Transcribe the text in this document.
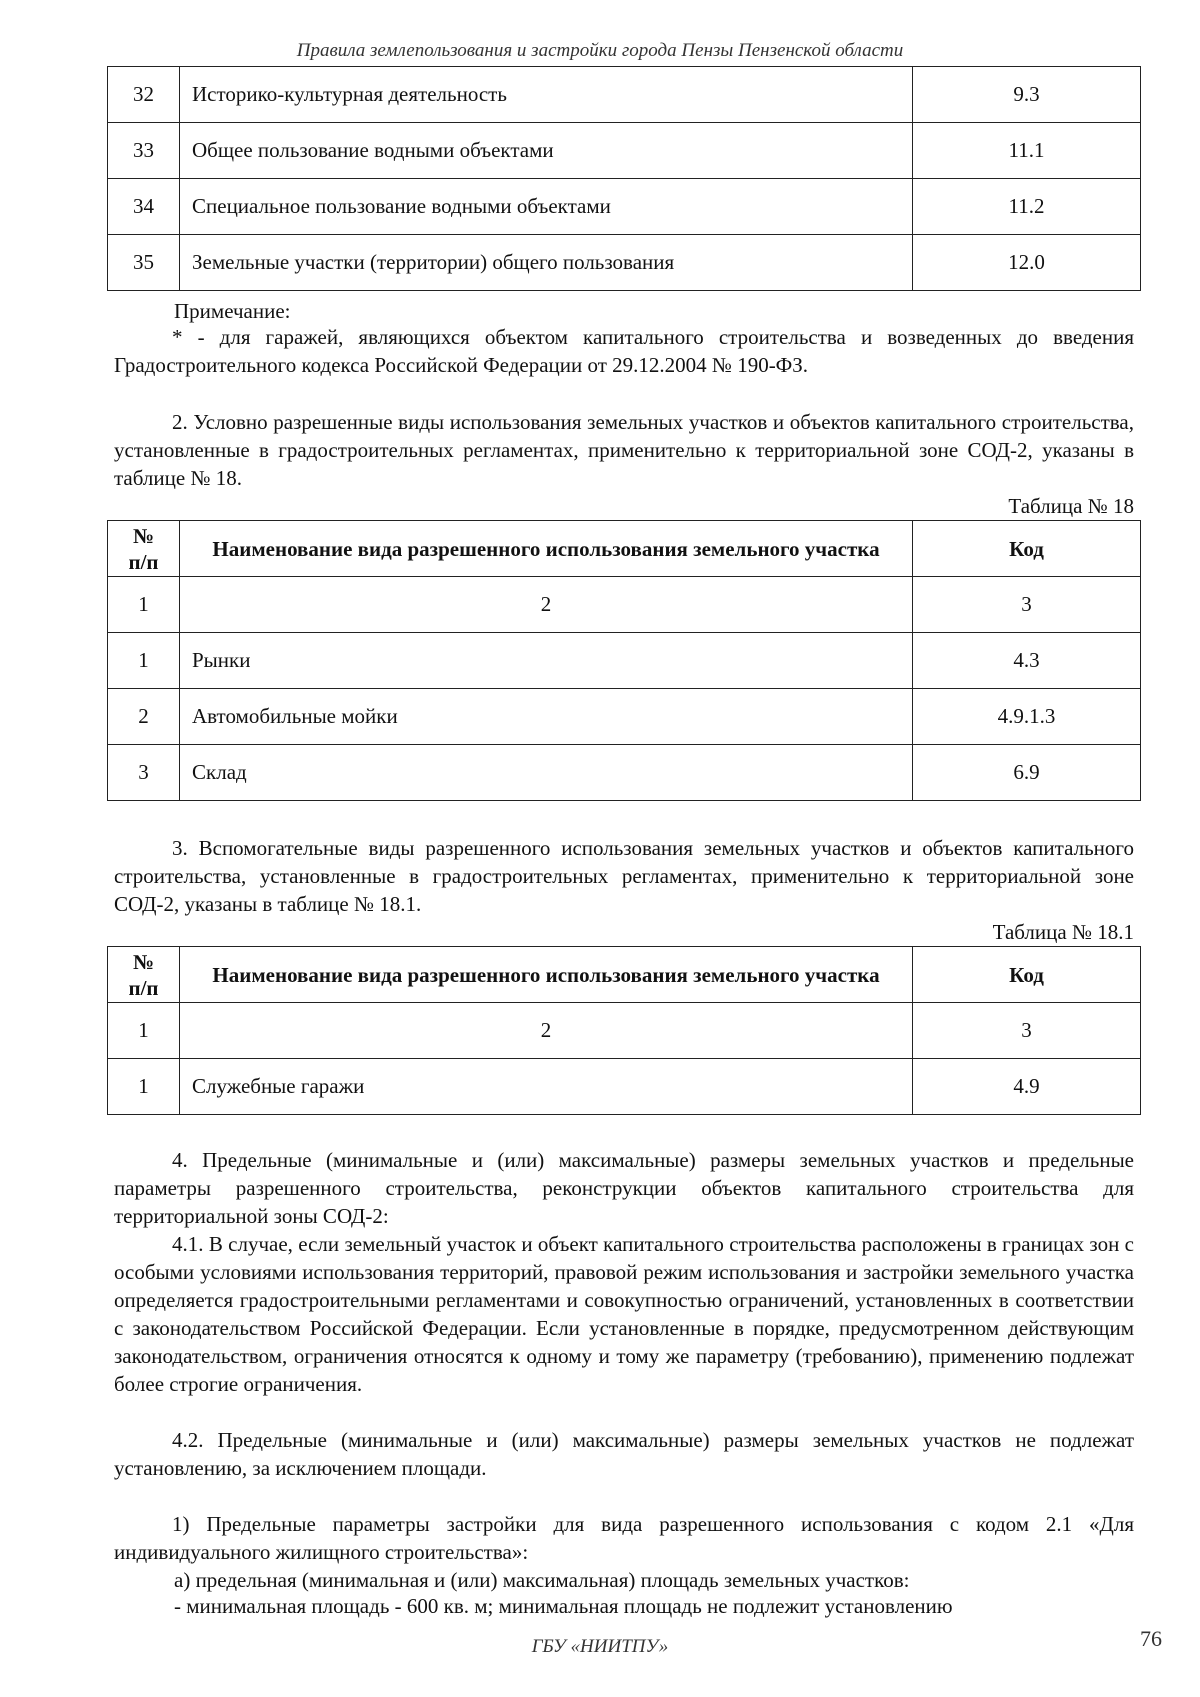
Правила землепользования и застройки города Пензы Пензенской области
32	Историко-культурная деятельность	9.3
33	Общее пользование водными объектами	11.1
34	Специальное пользование водными объектами	11.2
35	Земельные участки (территории) общего пользования	12.0
Примечание:
* - для гаражей, являющихся объектом капитального строительства и возведенных до введения Градостроительного кодекса Российской Федерации от 29.12.2004 № 190-ФЗ.
2. Условно разрешенные виды использования земельных участков и объектов капитального строительства, установленные в градостроительных регламентах, применительно к территориальной зоне СОД-2, указаны в таблице № 18.
Таблица № 18
№ п/п	Наименование вида разрешенного использования земельного участка	Код
1	2	3
1	Рынки	4.3
2	Автомобильные мойки	4.9.1.3
3	Склад	6.9
3. Вспомогательные виды разрешенного использования земельных участков и объектов капитального строительства, установленные в градостроительных регламентах, применительно к территориальной зоне СОД-2, указаны в таблице № 18.1.
Таблица № 18.1
№ п/п	Наименование вида разрешенного использования земельного участка	Код
1	2	3
1	Служебные гаражи	4.9
4. Предельные (минимальные и (или) максимальные) размеры земельных участков и предельные параметры разрешенного строительства, реконструкции объектов капитального строительства для территориальной зоны СОД-2:
4.1. В случае, если земельный участок и объект капитального строительства расположены в границах зон с особыми условиями использования территорий, правовой режим использования и застройки земельного участка определяется градостроительными регламентами и совокупностью ограничений, установленных в соответствии с законодательством Российской Федерации. Если установленные в порядке, предусмотренном действующим законодательством, ограничения относятся к одному и тому же параметру (требованию), применению подлежат более строгие ограничения.
4.2. Предельные (минимальные и (или) максимальные) размеры земельных участков не подлежат установлению, за исключением площади.
1) Предельные параметры застройки для вида разрешенного использования с кодом 2.1 «Для индивидуального жилищного строительства»:
а) предельная (минимальная и (или) максимальная) площадь земельных участков:
- минимальная площадь - 600 кв. м; минимальная площадь не подлежит установлению
ГБУ «НИИТПУ»	76
